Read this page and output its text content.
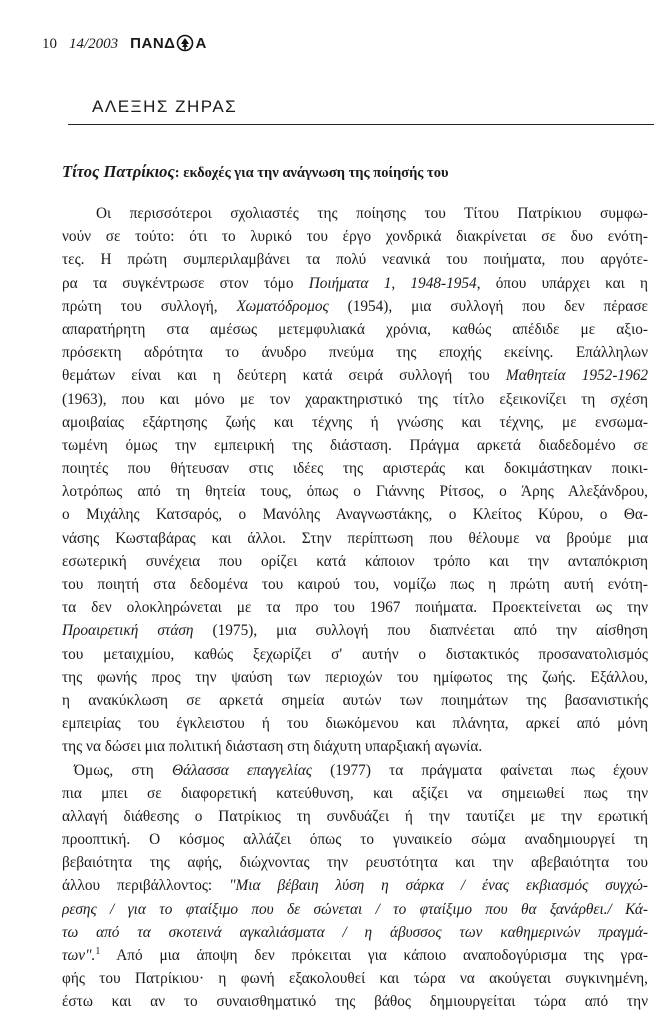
10 14/2003 ΠΑΝΔ Α
ΑΛΕΞΗΣ ΖΗΡΑΣ
Τίτος Πατρίκιος: εκδοχές για την ανάγνωση της ποίησής του
Οι περισσότεροι σχολιαστές της ποίησης του Τίτου Πατρίκιου συμφω-
νούν σε τούτο: ότι το λυρικό του έργο χονδρικά διακρίνεται σε δυο ενότη-
τες. Η πρώτη συμπεριλαμβάνει τα πολύ νεανικά του ποιήματα, που αργότε-
ρα τα συγκέντρωσε στον τόμο Ποιήματα 1, 1948-1954, όπου υπάρχει και η
πρώτη του συλλογή, Χωματόδρομος (1954), μια συλλογή που δεν πέρασε
απαρατήρητη στα αμέσως μετεμφυλιακά χρόνια, καθώς απέδιδε με αξιο-
πρόσεκτη αδρότητα το άνυδρο πνεύμα της εποχής εκείνης. Επάλληλων
θεμάτων είναι και η δεύτερη κατά σειρά συλλογή του Μαθητεία 1952-1962
(1963), που και μόνο με τον χαρακτηριστικό της τίτλο εξεικονίζει τη σχέση
αμοιβαίας εξάρτησης ζωής και τέχνης ή γνώσης και τέχνης, με ενσωμα-
τωμένη όμως την εμπειρική της διάσταση. Πράγμα αρκετά διαδεδομένο σε
ποιητές που θήτευσαν στις ιδέες της αριστεράς και δοκιμάστηκαν ποικι-
λοτρόπως από τη θητεία τους, όπως ο Γιάννης Ρίτσος, ο Άρης Αλεξάνδρου,
ο Μιχάλης Κατσαρός, ο Μανόλης Αναγνωστάκης, ο Κλείτος Κύρου, ο Θα-
νάσης Κωσταβάρας και άλλοι. Στην περίπτωση που θέλουμε να βρούμε μια
εσωτερική συνέχεια που ορίζει κατά κάποιον τρόπο και την ανταπόκριση
του ποιητή στα δεδομένα του καιρού του, νομίζω πως η πρώτη αυτή ενότη-
τα δεν ολοκληρώνεται με τα προ του 1967 ποιήματα. Προεκτείνεται ως την
Προαιρετική στάση (1975), μια συλλογή που διαπνέεται από την αίσθηση
του μεταιχμίου, καθώς ξεχωρίζει σ' αυτήν ο διστακτικός προσανατολισμός
της φωνής προς την ψαύση των περιοχών του ημίφωτος της ζωής. Εξάλλου,
η ανακύκλωση σε αρκετά σημεία αυτών των ποιημάτων της βασανιστικής
εμπειρίας του έγκλειστου ή του διωκόμενου και πλάνητα, αρκεί από μόνη
της να δώσει μια πολιτική διάσταση στη διάχυτη υπαρξιακή αγωνία.
Όμως, στη Θάλασσα επαγγελίας (1977) τα πράγματα φαίνεται πως έχουν
πια μπει σε διαφορετική κατεύθυνση, και αξίζει να σημειωθεί πως την
αλλαγή διάθεσης ο Πατρίκιος τη συνδυάζει ή την ταυτίζει με την ερωτική
προοπτική. Ο κόσμος αλλάζει όπως το γυναικείο σώμα αναδημιουργεί τη
βεβαιότητα της αφής, διώχνοντας την ρευστότητα και την αβεβαιότητα του
άλλου περιβάλλοντος: "Μια βέβαιη λύση η σάρκα / ένας εκβιασμός συγχώ-
ρεσης / για το φταίξιμο που δε σώνεται / το φταίξιμο που θα ξανάρθει./ Κά-
τω από τα σκοτεινά αγκαλιάσματα / η άβυσσος των καθημερινών πραγμά-
των".$^1$ Από μια άποψη δεν πρόκειται για κάποιο αναποδογύρισμα της γρα-
φής του Πατρίκιου· η φωνή εξακολουθεί και τώρα να ακούγεται συγκινημένη,
έστω και αν το συναισθηματικό της βάθος δημιουργείται τώρα από την
